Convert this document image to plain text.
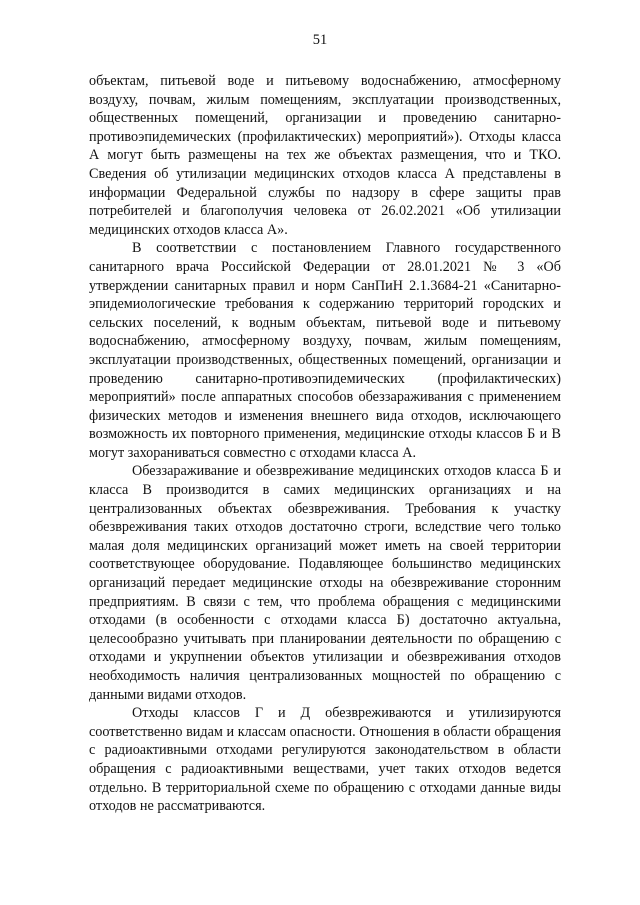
51

объектам, питьевой воде и питьевому водоснабжению, атмосферному воздуху, почвам, жилым помещениям, эксплуатации производственных, общественных помещений, организации и проведению санитарно-противоэпидемических (профилактических) мероприятий»). Отходы класса А могут быть размещены на тех же объектах размещения, что и ТКО. Сведения об утилизации медицинских отходов класса А представлены в информации Федеральной службы по надзору в сфере защиты прав потребителей и благополучия человека от 26.02.2021 «Об утилизации медицинских отходов класса А».

В соответствии с постановлением Главного государственного санитарного врача Российской Федерации от 28.01.2021 № 3 «Об утверждении санитарных правил и норм СанПиН 2.1.3684-21 «Санитарно-эпидемиологические требования к содержанию территорий городских и сельских поселений, к водным объектам, питьевой воде и питьевому водоснабжению, атмосферному воздуху, почвам, жилым помещениям, эксплуатации производственных, общественных помещений, организации и проведению санитарно-противоэпидемических (профилактических) мероприятий» после аппаратных способов обеззараживания с применением физических методов и изменения внешнего вида отходов, исключающего возможность их повторного применения, медицинские отходы классов Б и В могут захораниваться совместно с отходами класса А.

Обеззараживание и обезвреживание медицинских отходов класса Б и класса В производится в самих медицинских организациях и на централизованных объектах обезвреживания. Требования к участку обезвреживания таких отходов достаточно строги, вследствие чего только малая доля медицинских организаций может иметь на своей территории соответствующее оборудование. Подавляющее большинство медицинских организаций передает медицинские отходы на обезвреживание сторонним предприятиям. В связи с тем, что проблема обращения с медицинскими отходами (в особенности с отходами класса Б) достаточно актуальна, целесообразно учитывать при планировании деятельности по обращению с отходами и укрупнении объектов утилизации и обезвреживания отходов необходимость наличия централизованных мощностей по обращению с данными видами отходов.

Отходы классов Г и Д обезвреживаются и утилизируются соответственно видам и классам опасности. Отношения в области обращения с радиоактивными отходами регулируются законодательством в области обращения с радиоактивными веществами, учет таких отходов ведется отдельно. В территориальной схеме по обращению с отходами данные виды отходов не рассматриваются.
